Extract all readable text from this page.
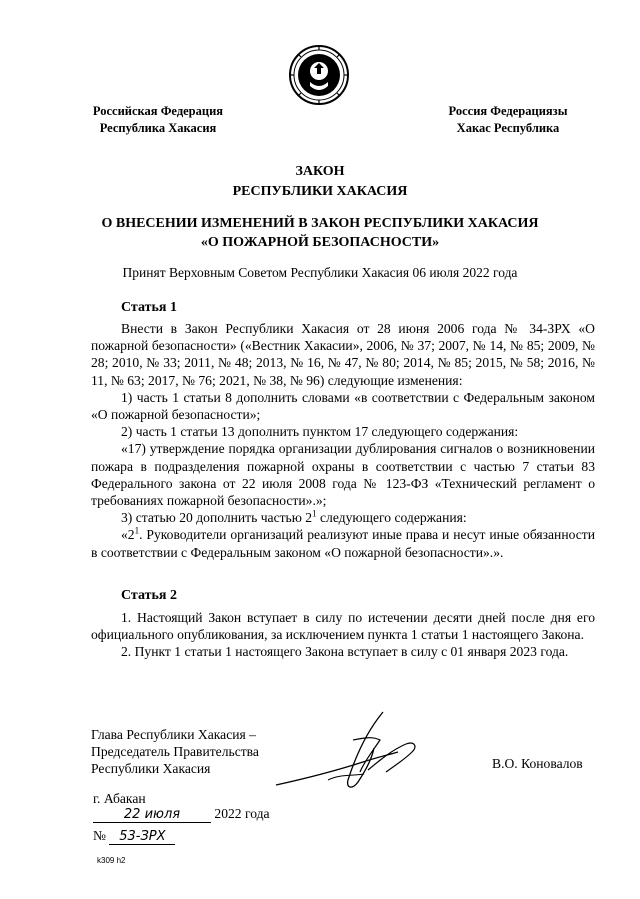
Российская Федерация
Республика Хакасия
Россия Федерациязы
Хакас Республика
ЗАКОН
РЕСПУБЛИКИ ХАКАСИЯ
О ВНЕСЕНИИ ИЗМЕНЕНИЙ В ЗАКОН РЕСПУБЛИКИ ХАКАСИЯ
«О ПОЖАРНОЙ БЕЗОПАСНОСТИ»
Принят Верховным Советом Республики Хакасия 06 июля 2022 года
Статья 1

Внести в Закон Республики Хакасия от 28 июня 2006 года № 34-ЗРХ «О пожарной безопасности» («Вестник Хакасии», 2006, № 37; 2007, № 14, № 85; 2009, № 28; 2010, № 33; 2011, № 48; 2013, № 16, № 47, № 80; 2014, № 85; 2015, № 58; 2016, № 11, № 63; 2017, № 76; 2021, № 38, № 96) следующие изменения:

1) часть 1 статьи 8 дополнить словами «в соответствии с Федеральным законом «О пожарной безопасности»;

2) часть 1 статьи 13 дополнить пунктом 17 следующего содержания:

«17) утверждение порядка организации дублирования сигналов о возникновении пожара в подразделения пожарной охраны в соответствии с частью 7 статьи 83 Федерального закона от 22 июля 2008 года № 123-ФЗ «Технический регламент о требованиях пожарной безопасности».»;

3) статью 20 дополнить частью $2^1$ следующего содержания:

«$2^1$. Руководители организаций реализуют иные права и несут иные обязанности в соответствии с Федеральным законом «О пожарной безопасности».».

Статья 2

1. Настоящий Закон вступает в силу по истечении десяти дней после дня его официального опубликования, за исключением пункта 1 статьи 1 настоящего Закона.

2. Пункт 1 статьи 1 настоящего Закона вступает в силу с 01 января 2023 года.

Глава Республики Хакасия –
Председатель Правительства
Республики Хакасия	В.О. Коновалов
г. Абакан
22 июля	2022 года
№ 53-ЗРХ
k309 h2
